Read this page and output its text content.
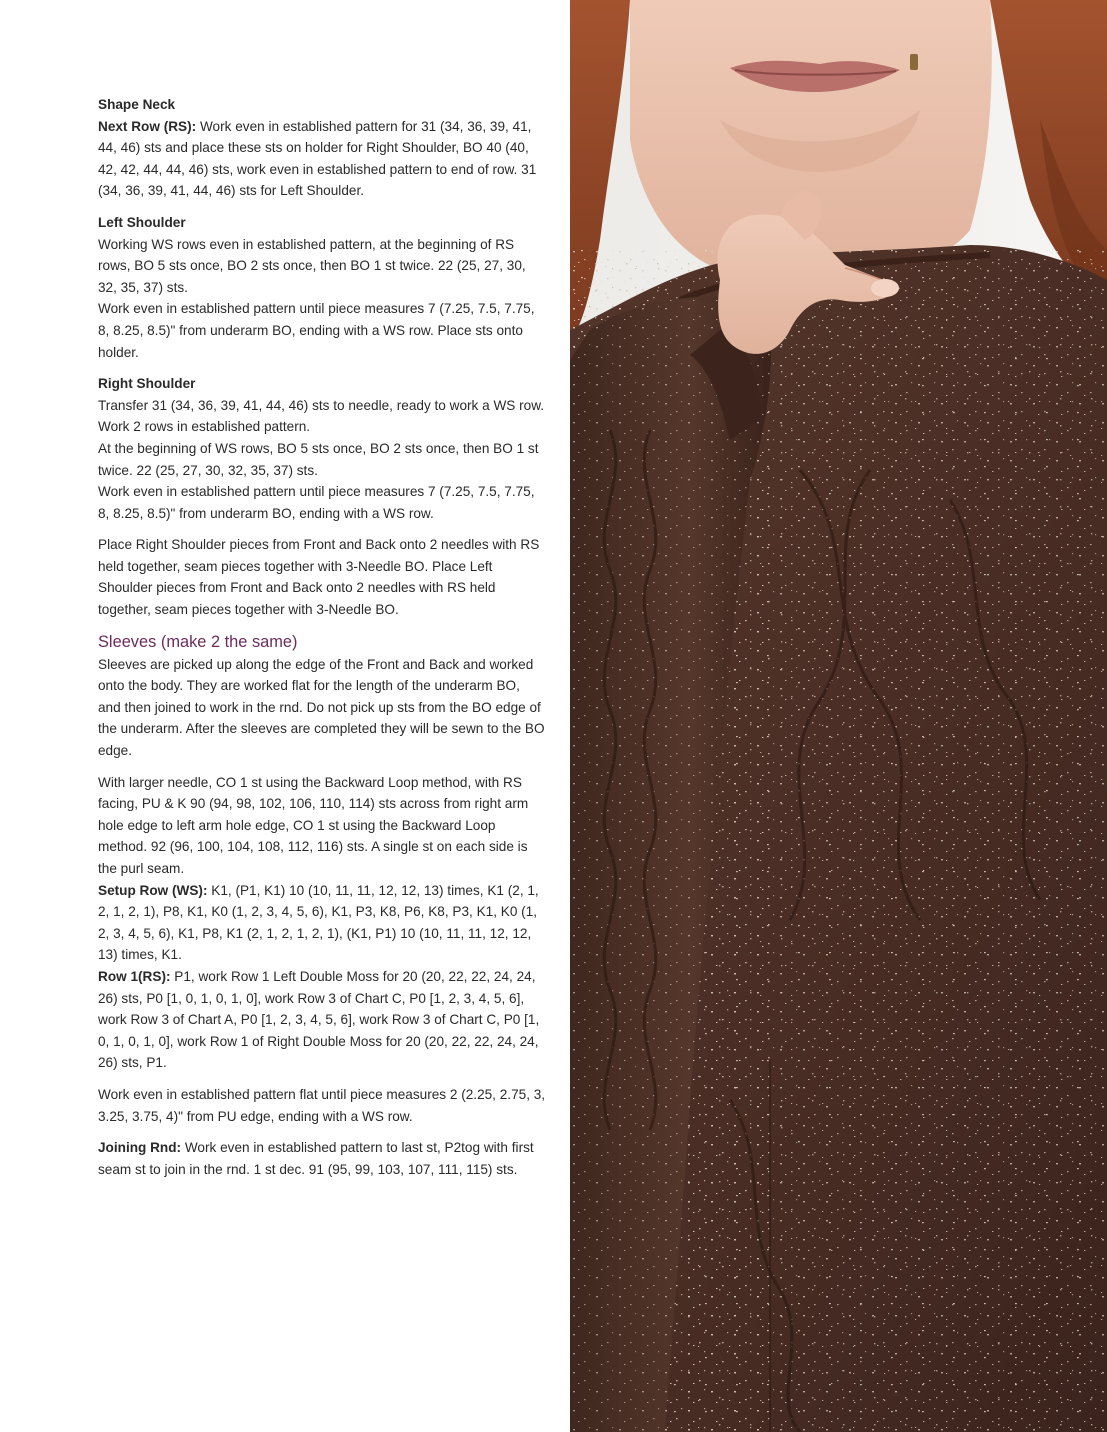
Shape Neck
Next Row (RS): Work even in established pattern for 31 (34, 36, 39, 41, 44, 46) sts and place these sts on holder for Right Shoulder, BO 40 (40, 42, 42, 44, 44, 46) sts, work even in established pattern to end of row. 31 (34, 36, 39, 41, 44, 46) sts for Left Shoulder.
Left Shoulder
Working WS rows even in established pattern, at the beginning of RS rows, BO 5 sts once, BO 2 sts once, then BO 1 st twice. 22 (25, 27, 30, 32, 35, 37) sts.
Work even in established pattern until piece measures 7 (7.25, 7.5, 7.75, 8, 8.25, 8.5)" from underarm BO, ending with a WS row. Place sts onto holder.
Right Shoulder
Transfer 31 (34, 36, 39, 41, 44, 46) sts to needle, ready to work a WS row.
Work 2 rows in established pattern.
At the beginning of WS rows, BO 5 sts once, BO 2 sts once, then BO 1 st twice. 22 (25, 27, 30, 32, 35, 37) sts.
Work even in established pattern until piece measures 7 (7.25, 7.5, 7.75, 8, 8.25, 8.5)" from underarm BO, ending with a WS row.

Place Right Shoulder pieces from Front and Back onto 2 needles with RS held together, seam pieces together with 3-Needle BO. Place Left Shoulder pieces from Front and Back onto 2 needles with RS held together, seam pieces together with 3-Needle BO.

Sleeves (make 2 the same)

Sleeves are picked up along the edge of the Front and Back and worked onto the body. They are worked flat for the length of the underarm BO, and then joined to work in the rnd. Do not pick up sts from the BO edge of the underarm. After the sleeves are completed they will be sewn to the BO edge.

With larger needle, CO 1 st using the Backward Loop method, with RS facing, PU & K 90 (94, 98, 102, 106, 110, 114) sts across from right arm hole edge to left arm hole edge, CO 1 st using the Backward Loop method. 92 (96, 100, 104, 108, 112, 116) sts. A single st on each side is the purl seam.
Setup Row (WS): K1, (P1, K1) 10 (10, 11, 11, 12, 12, 13) times, K1 (2, 1, 2, 1, 2, 1), P8, K1, K0 (1, 2, 3, 4, 5, 6), K1, P3, K8, P6, K8, P3, K1, K0 (1, 2, 3, 4, 5, 6), K1, P8, K1 (2, 1, 2, 1, 2, 1), (K1, P1) 10 (10, 11, 11, 12, 12, 13) times, K1.
Row 1(RS): P1, work Row 1 Left Double Moss for 20 (20, 22, 22, 24, 24, 26) sts, P0 [1, 0, 1, 0, 1, 0], work Row 3 of Chart C, P0 [1, 2, 3, 4, 5, 6], work Row 3 of Chart A, P0 [1, 2, 3, 4, 5, 6], work Row 3 of Chart C, P0 [1, 0, 1, 0, 1, 0], work Row 1 of Right Double Moss for 20 (20, 22, 22, 24, 24, 26) sts, P1.

Work even in established pattern flat until piece measures 2 (2.25, 2.75, 3, 3.25, 3.75, 4)" from PU edge, ending with a WS row.

Joining Rnd: Work even in established pattern to last st, P2tog with first seam st to join in the rnd. 1 st dec. 91 (95, 99, 103, 107, 111, 115) sts.
